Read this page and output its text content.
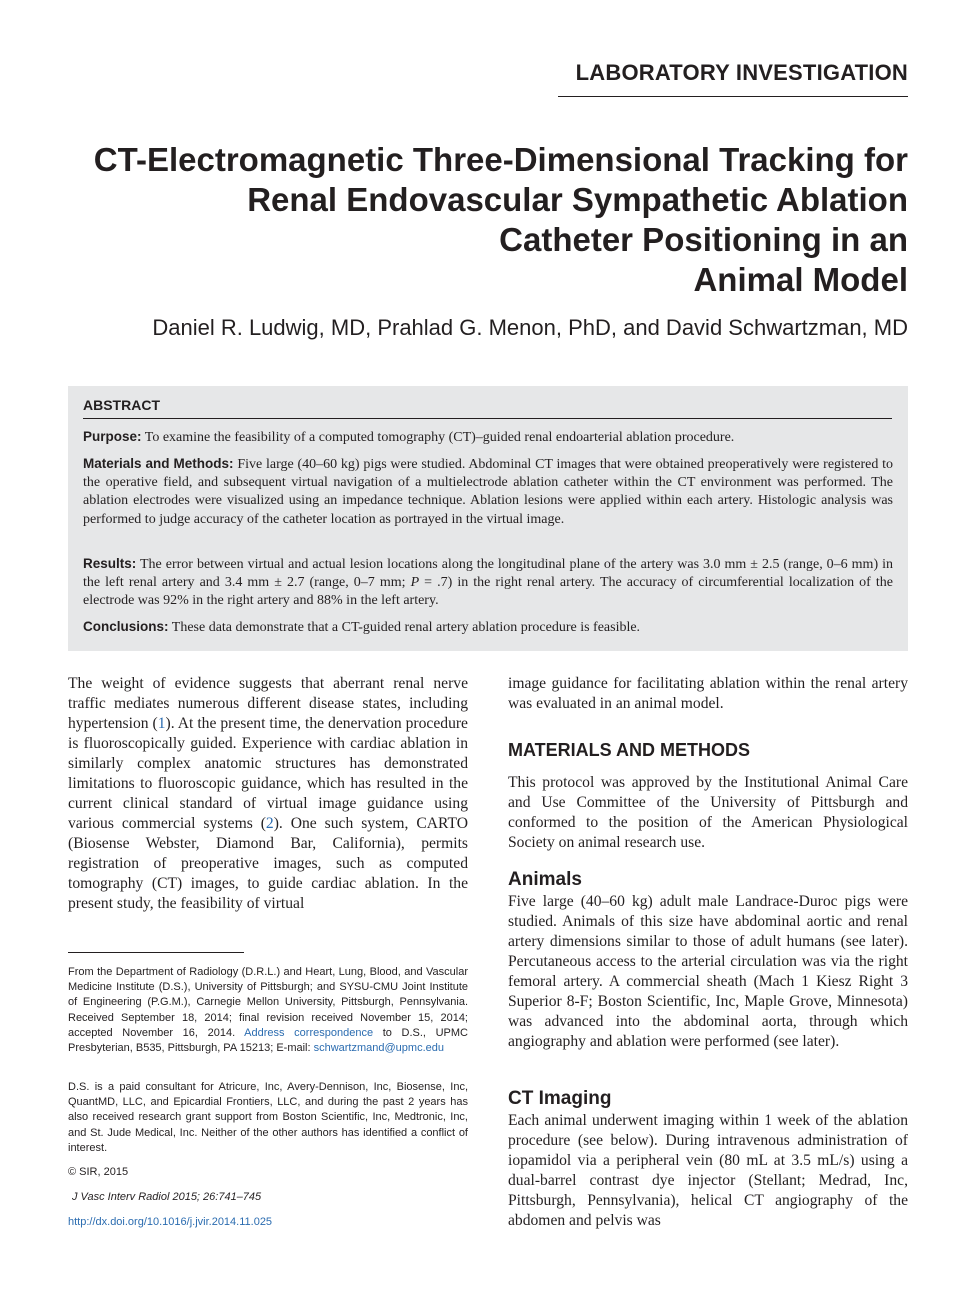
LABORATORY INVESTIGATION
CT-Electromagnetic Three-Dimensional Tracking for
Renal Endovascular Sympathetic Ablation
Catheter Positioning in an
Animal Model
Daniel R. Ludwig, MD, Prahlad G. Menon, PhD, and David Schwartzman, MD
ABSTRACT
Purpose: To examine the feasibility of a computed tomography (CT)–guided renal endoarterial ablation procedure.
Materials and Methods: Five large (40–60 kg) pigs were studied. Abdominal CT images that were obtained preoperatively were registered to the operative field, and subsequent virtual navigation of a multielectrode ablation catheter within the CT environment was performed. The ablation electrodes were visualized using an impedance technique. Ablation lesions were applied within each artery. Histologic analysis was performed to judge accuracy of the catheter location as portrayed in the virtual image.
Results: The error between virtual and actual lesion locations along the longitudinal plane of the artery was 3.0 mm ± 2.5 (range, 0–6 mm) in the left renal artery and 3.4 mm ± 2.7 (range, 0–7 mm; P = .7) in the right renal artery. The accuracy of circumferential localization of the electrode was 92% in the right artery and 88% in the left artery.
Conclusions: These data demonstrate that a CT-guided renal artery ablation procedure is feasible.
The weight of evidence suggests that aberrant renal nerve traffic mediates numerous different disease states, including hypertension (1). At the present time, the denervation procedure is fluoroscopically guided. Experience with cardiac ablation in similarly complex anatomic structures has demonstrated limitations to fluoroscopic guidance, which has resulted in the current clinical standard of virtual image guidance using various commercial systems (2). One such system, CARTO (Biosense Webster, Diamond Bar, California), permits registration of preoperative images, such as computed tomography (CT) images, to guide cardiac ablation. In the present study, the feasibility of virtual
image guidance for facilitating ablation within the renal artery was evaluated in an animal model.
MATERIALS AND METHODS
This protocol was approved by the Institutional Animal Care and Use Committee of the University of Pittsburgh and conformed to the position of the American Physiological Society on animal research use.
Animals
Five large (40–60 kg) adult male Landrace-Duroc pigs were studied. Animals of this size have abdominal aortic and renal artery dimensions similar to those of adult humans (see later). Percutaneous access to the arterial circulation was via the right femoral artery. A commercial sheath (Mach 1 Kiesz Right 3 Superior 8-F; Boston Scientific, Inc, Maple Grove, Minnesota) was advanced into the abdominal aorta, through which angiography and ablation were performed (see later).
CT Imaging
Each animal underwent imaging within 1 week of the ablation procedure (see below). During intravenous administration of iopamidol via a peripheral vein (80 mL at 3.5 mL/s) using a dual-barrel contrast dye injector (Stellant; Medrad, Inc, Pittsburgh, Pennsylvania), helical CT angiography of the abdomen and pelvis was
From the Department of Radiology (D.R.L.) and Heart, Lung, Blood, and Vascular Medicine Institute (D.S.), University of Pittsburgh; and SYSU-CMU Joint Institute of Engineering (P.G.M.), Carnegie Mellon University, Pittsburgh, Pennsylvania. Received September 18, 2014; final revision received November 15, 2014; accepted November 16, 2014. Address correspondence to D.S., UPMC Presbyterian, B535, Pittsburgh, PA 15213; E-mail: schwartzmand@upmc.edu
D.S. is a paid consultant for Atricure, Inc, Avery-Dennison, Inc, Biosense, Inc, QuantMD, LLC, and Epicardial Frontiers, LLC, and during the past 2 years has also received research grant support from Boston Scientific, Inc, Medtronic, Inc, and St. Jude Medical, Inc. Neither of the other authors has identified a conflict of interest.
© SIR, 2015
J Vasc Interv Radiol 2015; 26:741–745
http://dx.doi.org/10.1016/j.jvir.2014.11.025
